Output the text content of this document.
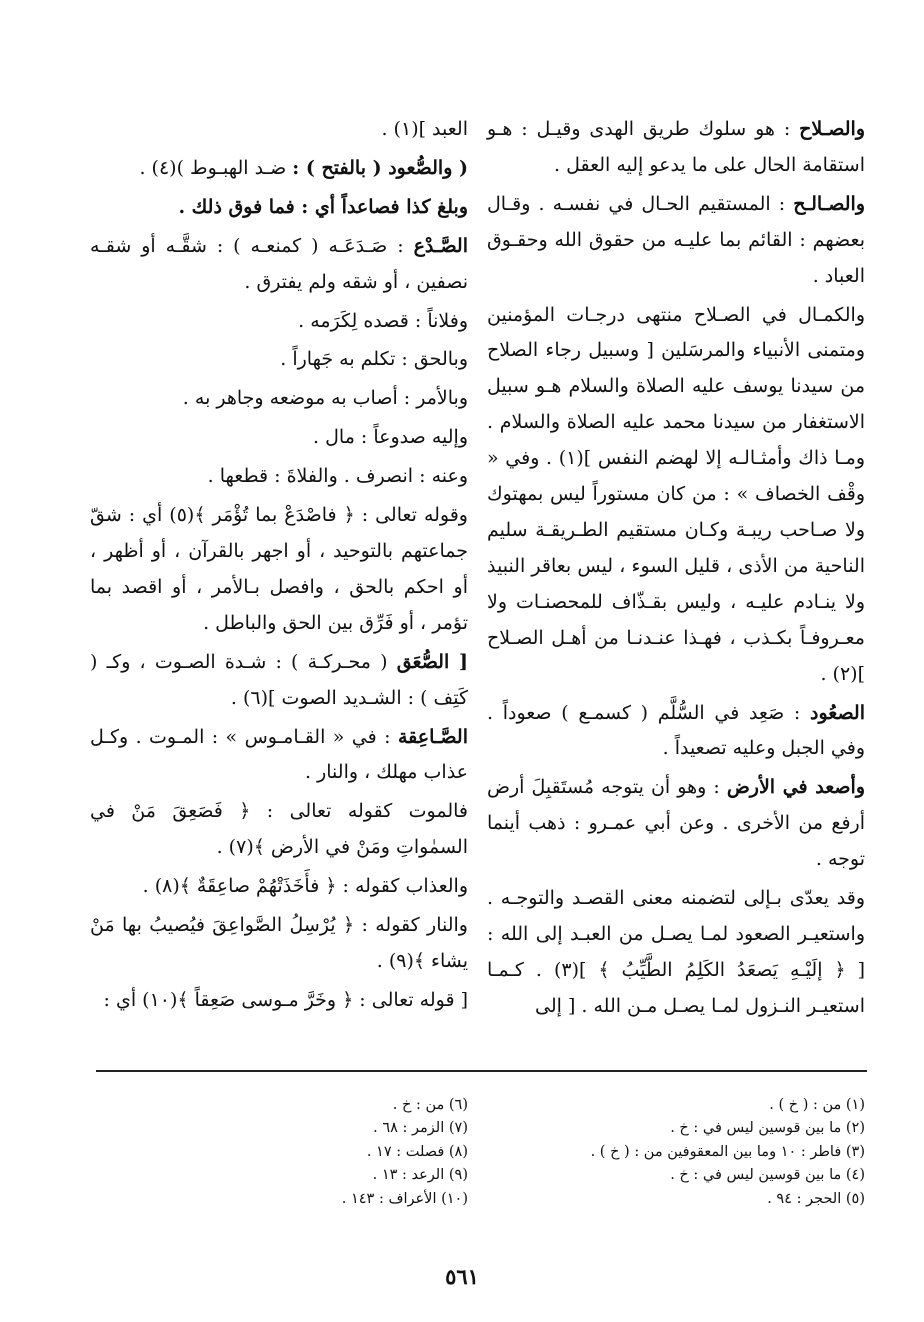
والصـلاح : هو سلوك طريق الهدى وقيـل : هـو استقامة الحال على ما يدعو إليه العقل .

والصـالـح : المستقيم الحـال في نفسـه . وقـال بعضهم : القائم بما عليـه من حقوق الله وحقـوق العباد .

والكمـال في الصـلاح منتهى درجـات المؤمنين ومتمنى الأنبياء والمرسَلين [ وسبيل رجاء الصلاح من سيدنا يوسف عليه الصلاة والسلام هـو سبيل الاستغفار من سيدنا محمد عليه الصلاة والسلام . ومـا ذاك وأمثـالـه إلا لهضم النفس ](١) . وفي « وقْف الخصاف » : من كان مستوراً ليس بمهتوك ولا صـاحب ريبـة وكـان مستقيم الطـريقـة سليم الناحية من الأذى ، قليل السوء ، ليس بعاقر النبيذ ولا ينـادم عليـه ، وليس بقـذّاف للمحصنـات ولا معـروفـاً بكـذب ، فهـذا عنـدنـا من أهـل الصـلاح ](٢) .

الصعُود : صَعِد في السُّلَّم ( كسمـع ) صعوداً . وفي الجبل وعليه تصعيداً .

وأصعد في الأرض : وهو أن يتوجه مُستَقبِلَ أرض أرفع من الأخرى . وعن أبي عمـرو : ذهب أينما توجه .

وقد يعدّى بـإلى لتضمنه معنى القصـد والتوجـه . واستعيـر الصعود لمـا يصـل من العبـد إلى الله : [ ﴿ إلَيْـهِ يَصعَدُ الكَلِمُ الطَّيِّبُ ﴾ ](٣) . كـمـا استعيـر النـزول لمـا يصـل مـن الله . [ إلى

العبد ](١) .

( والصُّعود ( بالفتح ) : ضـد الهبـوط )(٤) .

وبلغ كذا فصاعداً أي : فما فوق ذلك .

الصَّـدْع : صَـدَعَـه ( كمنعـه ) : شقَّـه أو شقـه نصفين ، أو شقه ولم يفترق .

وفلاناً : قصده لِكَرَمه .

وبالحق : تكلم به جَهاراً .

وبالأمر : أصاب به موضعه وجاهر به .

وإليه صدوعاً : مال .

وعنه : انصرف . والفلاةَ : قطعها .

وقوله تعالى : ﴿ فاصْدَعْ بما تُؤْمَر ﴾(٥) أي : شقّ جماعتهم بالتوحيد ، أو اجهر بالقرآن ، أو أظهر ، أو احكم بالحق ، وافصل بـالأمر ، أو اقصد بما تؤمر ، أو فَرِّق بين الحق والباطل .

[ الصُّعَق ( محـركـة ) : شـدة الصـوت ، وكـ ( كَتِف ) : الشـديد الصوت ](٦) .

الصَّـاعِقة : في « القـامـوس » : المـوت . وكـل عذاب مهلك ، والنار .

فالموت كقوله تعالى : ﴿ فَصَعِقَ مَنْ في السمٰواتِ ومَنْ في الأرض ﴾(٧) .

والعذاب كقوله : ﴿ فأَخَذَتْهُمْ صاعِقَةٌ ﴾(٨) .

والنار كقوله : ﴿ يُرْسِلُ الصَّواعِقَ فيُصيبُ بها مَنْ يشاء ﴾(٩) .

[ قوله تعالى : ﴿ وخَرَّ مـوسى صَعِقاً ﴾(١٠) أي :

(١) من : ( خ ) .
(٢) ما بين قوسين ليس في : خ .
(٣) فاطر : ١٠ وما بين المعقوفين من : ( خ ) .
(٤) ما بين قوسين ليس في : خ .
(٥) الحجر : ٩٤ .
(٦) من : خ .
(٧) الزمر : ٦٨ .
(٨) فصلت : ١٧ .
(٩) الرعد : ١٣ .
(١٠) الأعراف : ١٤٣ .
٥٦١
